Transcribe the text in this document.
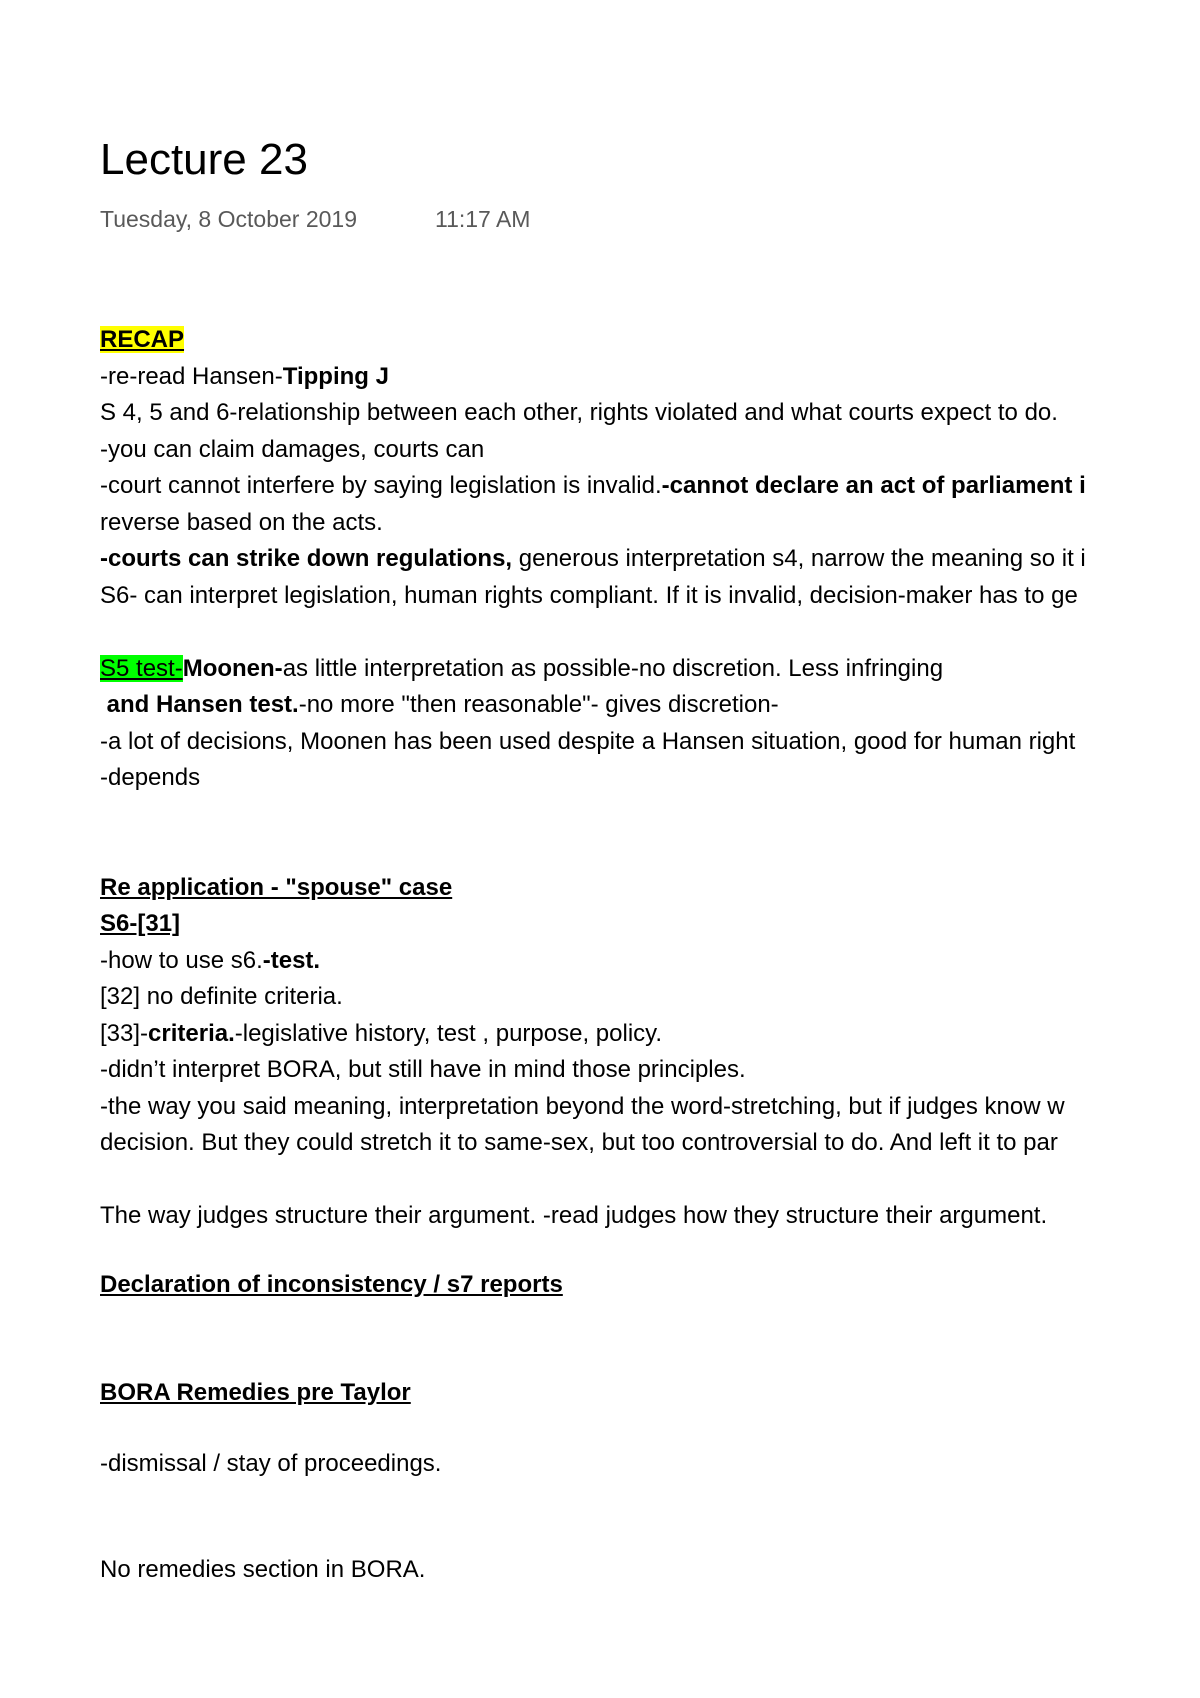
Lecture 23
Tuesday, 8 October 2019	11:17 AM
RECAP
-re-read Hansen-Tipping J
S 4, 5 and 6-relationship between each other, rights violated and what courts expect to do.
-you can claim damages, courts can
-court cannot interfere by saying legislation is invalid.-cannot declare an act of parliament i
reverse based on the acts.
-courts can strike down regulations, generous interpretation s4, narrow the meaning so it i
S6- can interpret legislation, human rights compliant. If it is invalid, decision-maker has to ge
S5 test-Moonen-as little interpretation as possible-no discretion. Less infringing
and Hansen test.-no more "then reasonable"- gives discretion-
-a lot of decisions, Moonen has been used despite a Hansen situation, good for human right
-depends
Re application - "spouse" case
S6-[31]
-how to use s6.-test.
[32] no definite criteria.
[33]-criteria.-legislative history, test , purpose, policy.
-didn’t interpret BORA, but still have in mind those principles.
-the way you said meaning, interpretation beyond the word-stretching, but if judges know w
decision. But they could stretch it to same-sex, but too controversial to do. And left it to par
The way judges structure their argument. -read judges how they structure their argument.
Declaration of inconsistency / s7 reports
BORA Remedies pre Taylor
-dismissal / stay of proceedings.
No remedies section in BORA.
